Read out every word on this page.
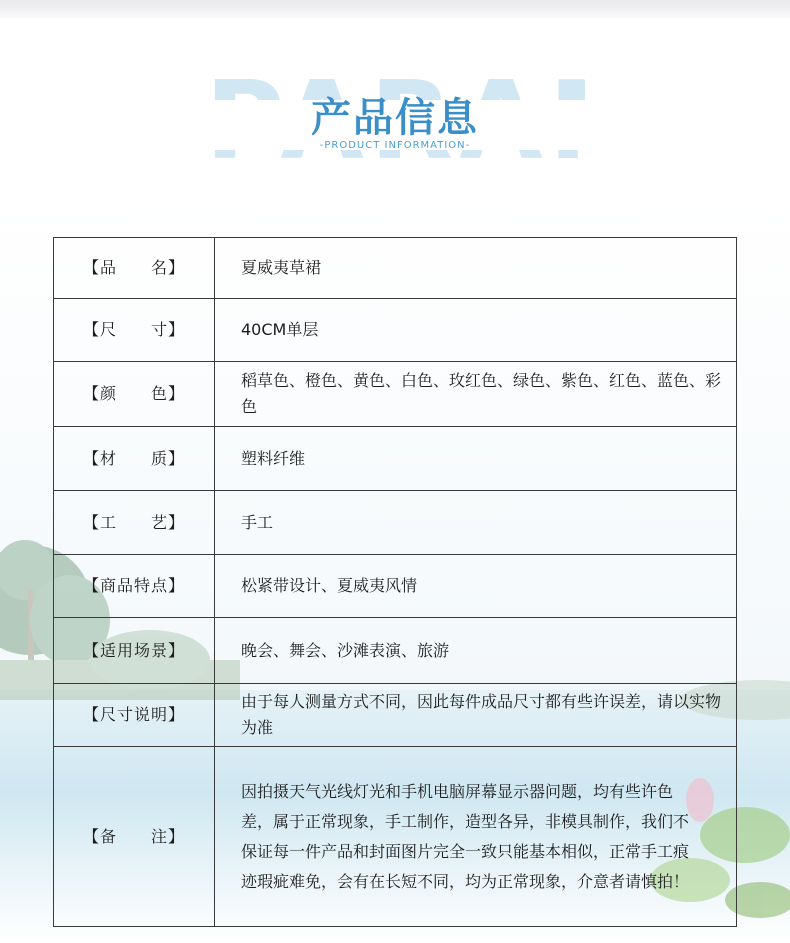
产品信息
-PRODUCT INFORMATION-
【品　　名】	夏威夷草裙
【尺　　寸】	40CM单层
【颜　　色】	稻草色、橙色、黄色、白色、玫红色、绿色、紫色、红色、蓝色、彩色
【材　　质】	塑料纤维
【工　　艺】	手工
【商品特点】	松紧带设计、夏威夷风情
【适用场景】	晚会、舞会、沙滩表演、旅游
【尺寸说明】	由于每人测量方式不同，因此每件成品尺寸都有些许误差，请以实物为准
【备　　注】	因拍摄天气光线灯光和手机电脑屏幕显示器问题，均有些许色差，属于正常现象，手工制作，造型各异，非模具制作，我们不保证每一件产品和封面图片完全一致只能基本相似，正常手工痕迹瑕疵难免，会有在长短不同，均为正常现象，介意者请慎拍！
